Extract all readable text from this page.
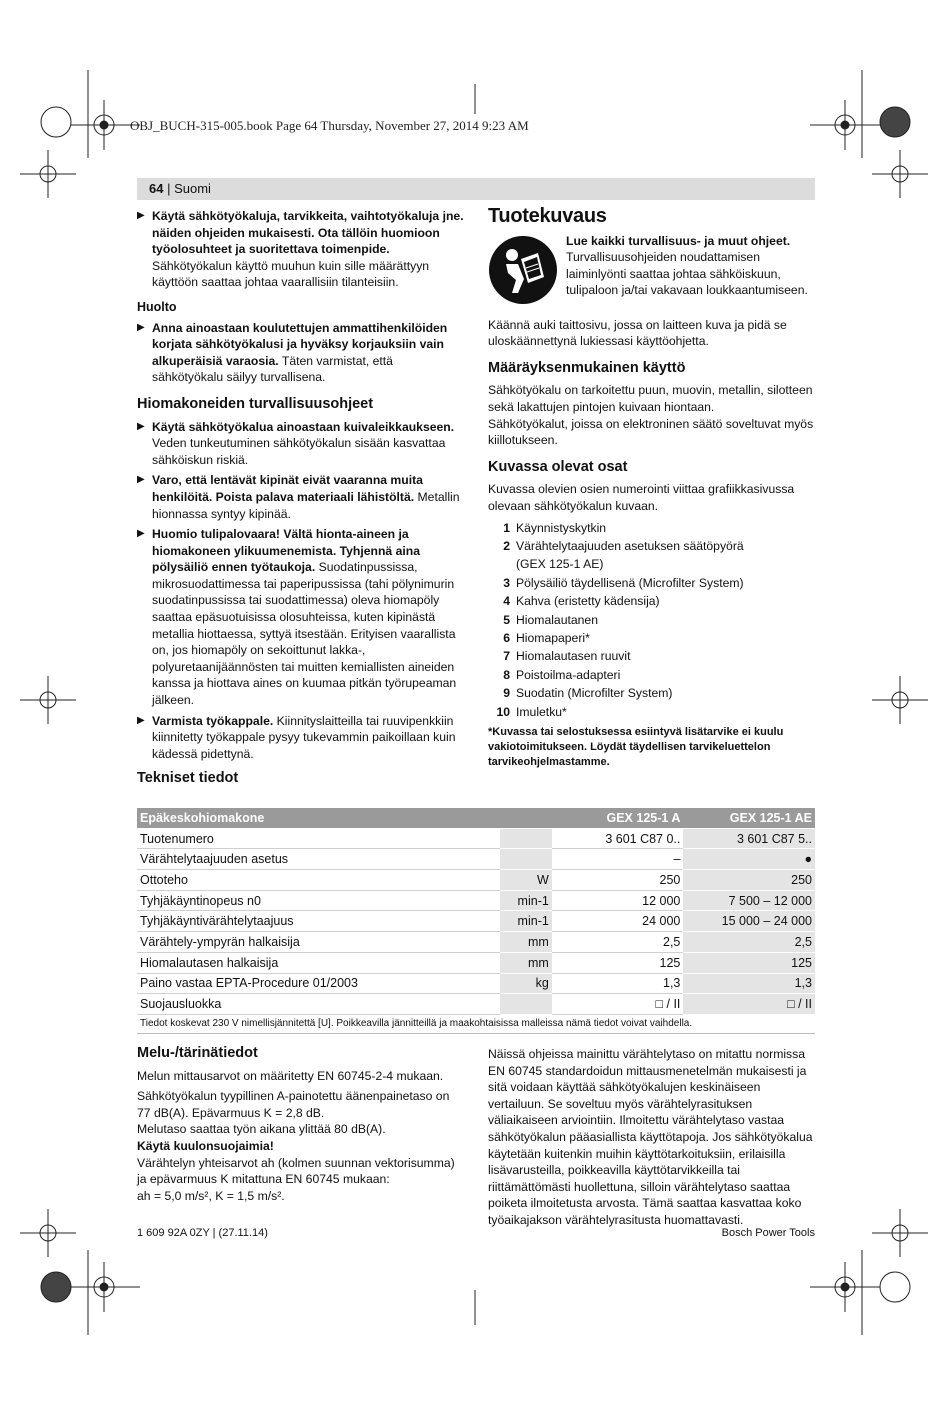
OBJ_BUCH-315-005.book Page 64 Thursday, November 27, 2014 9:23 AM
64 | Suomi
▶ Käytä sähkötyökaluja, tarvikkeita, vaihtotyökaluja jne. näiden ohjeiden mukaisesti. Ota tällöin huomioon työolosuhteet ja suoritettava toimenpide. Sähkötyökalun käyttö muuhun kuin sille määrättyyn käyttöön saattaa johtaa vaarallisiin tilanteisiin.
Huolto
▶ Anna ainoastaan koulutettujen ammattihenkilöiden korjata sähkötyökalusi ja hyväksy korjauksiin vain alkuperäisiä varaosia. Täten varmistat, että sähkötyökalu säilyy turvallisena.
Hiomakoneiden turvallisuusohjeet
▶ Käytä sähkötyökalua ainoastaan kuivaleikkaukseen. Veden tunkeutuminen sähkötyökalun sisään kasvattaa sähköiskun riskiä.
▶ Varo, että lentävät kipinät eivät vaaranna muita henkilöitä. Poista palava materiaali lähistöltä. Metallin hionnassa syntyy kipinää.
▶ Huomio tulipalovaara! Vältä hionta-aineen ja hiomakoneen ylikuumenemista. Tyhjennä aina pölysäiliö ennen työtaukoja. Suodatinpussissa, mikrosuodattimessa tai paperipussissa (tahi pölynimurin suodatinpussissa tai suodattimessa) oleva hiomapöly saattaa epäsuotuisissa olosuhteissa, kuten kipinästä metallia hiottaessa, syttyä itsestään. Erityisen vaarallista on, jos hiomapöly on sekoittunut lakka-, polyuretaanijäännösten tai muitten kemiallisten aineiden kanssa ja hiottava aines on kuumaa pitkän työrupeaman jälkeen.
▶ Varmista työkappale. Kiinnityslaitteilla tai ruuvipenkkiin kiinnitetty työkappale pysyy tukevammin paikoillaan kuin kädessä pidettynä.
Tuotekuvaus

Lue kaikki turvallisuus- ja muut ohjeet. Turvallisuusohjeiden noudattamisen laiminlyönti saattaa johtaa sähköiskuun, tulipaloon ja/tai vakavaan loukkaantumiseen.

Käännä auki taittosivu, jossa on laitteen kuva ja pidä se uloskäännettynä lukiessasi käyttöohjetta.

Määräyksenmukainen käyttö

Sähkötyökalu on tarkoitettu puun, muovin, metallin, silotteen sekä lakattujen pintojen kuivaan hiontaan.

Sähkötyökalut, joissa on elektroninen säätö soveltuvat myös kiillotukseen.

Kuvassa olevat osat

Kuvassa olevien osien numerointi viittaa grafiikkasivussa olevaan sähkötyökalun kuvaan.

1 Käynnistyskytkin
2 Värähtelytaajuuden asetuksen säätöpyörä (GEX 125-1 AE)
3 Pölysäiliö täydellisenä (Microfilter System)
4 Kahva (eristetty kädensija)
5 Hiomalautanen
6 Hiomapaperi*
7 Hiomalautasen ruuvit
8 Poistoilma-adapteri
9 Suodatin (Microfilter System)
10 Imuletku*
*Kuvassa tai selostuksessa esiintyvä lisätarvike ei kuulu vakiotoimitukseen. Löydät täydellisen tarvikeluettelon tarvikeohjelmastamme.
Tekniset tiedot
Epäkeskohiomakone		GEX 125-1 A	GEX 125-1 AE
Tuotenumero		3 601 C87 0..	3 601 C87 5..
Värähtelytaajuuden asetus		–	●
Ottoteho	W	250	250
Tyhjäkäyntinopeus n0	min-1	12 000	7 500 – 12 000
Tyhjäkäyntivärähtelytaajuus	min-1	24 000	15 000 – 24 000
Värähtely-ympyrän halkaisija	mm	2,5	2,5
Hiomalautasen halkaisija	mm	125	125
Paino vastaa EPTA-Procedure 01/2003	kg	1,3	1,3
Suojausluokka		□ / II	□ / II
Tiedot koskevat 230 V nimellisjännitettä [U]. Poikkeavilla jännitteillä ja maakohtaisissa malleissa nämä tiedot voivat vaihdella.			
Melu-/tärinätiedot

Melun mittausarvot on määritetty EN 60745-2-4 mukaan.

Sähkötyökalun tyypillinen A-painotettu äänenpainetaso on 77 dB(A). Epävarmuus K = 2,8 dB.

Melutaso saattaa työn aikana ylittää 80 dB(A).

Käytä kuulonsuojaimia!

Värähtelyn yhteisarvot ah (kolmen suunnan vektorisumma) ja epävarmuus K mitattuna EN 60745 mukaan:

ah = 5,0 m/s², K = 1,5 m/s².

Näissä ohjeissa mainittu värähtelytaso on mitattu normissa EN 60745 standardoidun mittausmenetelmän mukaisesti ja sitä voidaan käyttää sähkötyökalujen keskinäiseen vertailuun. Se soveltuu myös värähtelyrasituksen väliaikaiseen arviointiin. Ilmoitettu värähtelytaso vastaa sähkötyökalun pääasiallista käyttötapoja. Jos sähkötyökalua käytetään kuitenkin muihin käyttötarkoituksiin, erilaisilla lisävarusteilla, poikkeavilla käyttötarvikkeilla tai riittämättömästi huollettuna, silloin värähtelytaso saattaa poiketa ilmoitetusta arvosta. Tämä saattaa kasvattaa koko työaikajakson värähtelyrasitusta huomattavasti.

1 609 92A 0ZY | (27.11.14)	Bosch Power Tools
